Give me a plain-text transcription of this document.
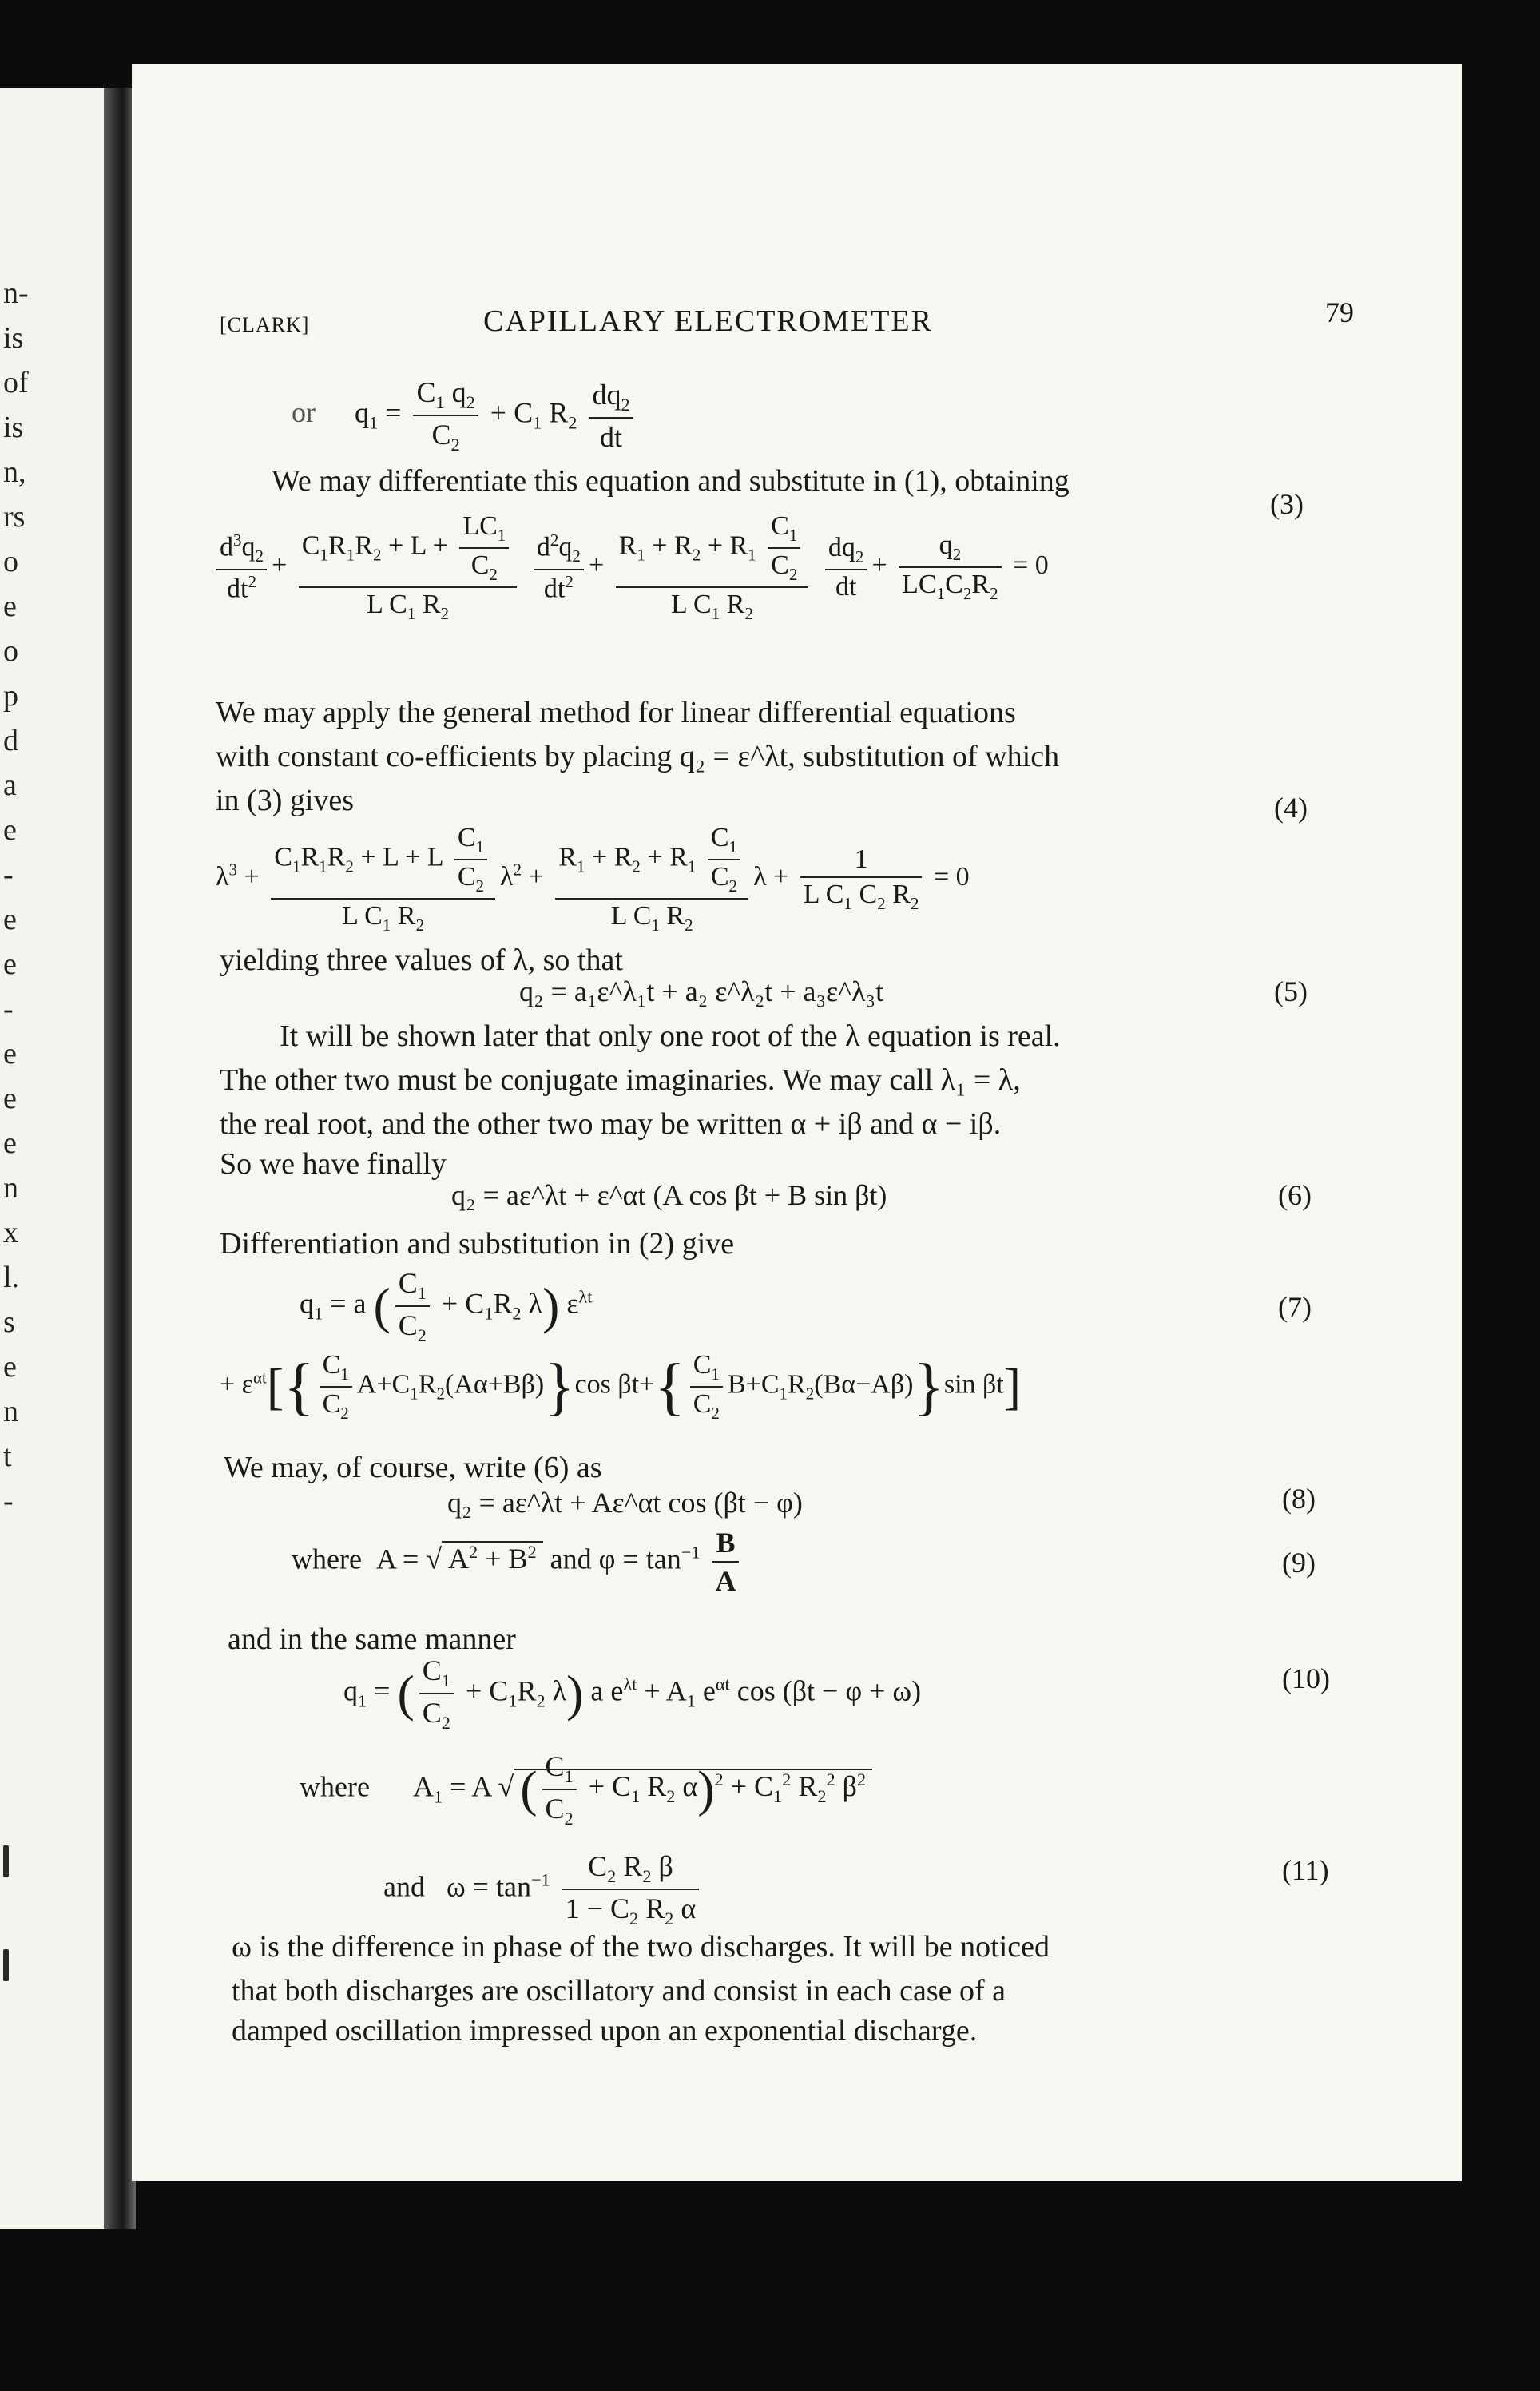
n-
is
of
is
n,
rs
o
e
o
p
d
a
e
-
e
e
-
e
e
e
n
x
l.
s
e
n
t
-
[CLARK]	CAPILLARY ELECTROMETER	79
or $q_1 = \frac{C_1 q_2}{C_2} + C_1$ $R_2 \frac{dq_2}{dt}$
We may differentiate this equation and substitute in (1), obtaining
(3)
$\frac{d^3q_2}{dt^2} + \frac{C_1R_1R_2 + L + \frac{LC_1}{C_2}}{L C_1 R_2}$
$\frac{d^2q_2}{dt^2} + \frac{R_1 + R_2 + R_1 \frac{C_1}{C_2}}{L C_1 R_2}$
$\frac{dq_2}{dt} + \frac{q_2}{LC_1C_2R_2} = 0$
We may apply the general method for linear differential equations
with constant co-efficients by placing q₂ = ε^λt, substitution of which
in (3) gives	(4)
$\lambda^3 + \frac{C_1R_1R_2 + L + L \frac{C_1}{C_2}}{L C_1 R_2} \lambda^2 + \frac{R_1 + R_2 + R_1 \frac{C_1}{C_2}}{L C_1 R_2}$ $\lambda + \frac{1}{L C_1 C_2 R_2} = 0$
yielding three values of λ, so that
q₂ = a₁ε^λ₁t + a₂ ε^λ₂t + a₃ε^λ₃t	(5)
It will be shown later that only one root of the λ equation is real.
The other two must be conjugate imaginaries. We may call λ₁ = λ,
the real root, and the other two may be written α + iβ and α − iβ.
So we have finally
q₂ = aε^λt + ε^αt (A cos βt + B sin βt)	(6)
Differentiation and substitution in (2) give
$q_1 = a$ ( $\frac{C_1}{C_2} + C_1R_2$ λ) $\varepsilon^{\lambda t}$	(7)
+ $\varepsilon^{\alpha t}[\{ \frac{C_1}{C_2} A+C_1R_2(A\alpha+B\beta)\}\cos$ $\beta t+\{ \frac{C_1}{C_2} B+C_1R_2(B\alpha-A\beta)\}\sin$ βt]
We may, of course, write (6) as
q₂ = aε^λt + Aε^αt cos (βt − φ)	(8)
where  A = √ $A^2 + B^2$ and $\varphi = \tan^{-1} \frac{B}{A}$	(9)
and in the same manner
$q_1$ = ( $\frac{C_1}{C_2} + C_1R_2$ λ) a $e^{\lambda t} + A_1$ $e^{\alpha t}$ cos (βt − φ + ω)	(10)
where      $A_1 = A$ √ ( $\frac{C_1}{C_2} + C_1$ $R_2$ $\alpha)^2 + C_1^2$ $R_2^2$ $\beta^2$
and   $\omega = \tan^{-1} \frac{C_2 R_2 \beta}{1 - C_2 R_2 \alpha}$	(11)
ω is the difference in phase of the two discharges. It will be noticed
that both discharges are oscillatory and consist in each case of a
damped oscillation impressed upon an exponential discharge.
